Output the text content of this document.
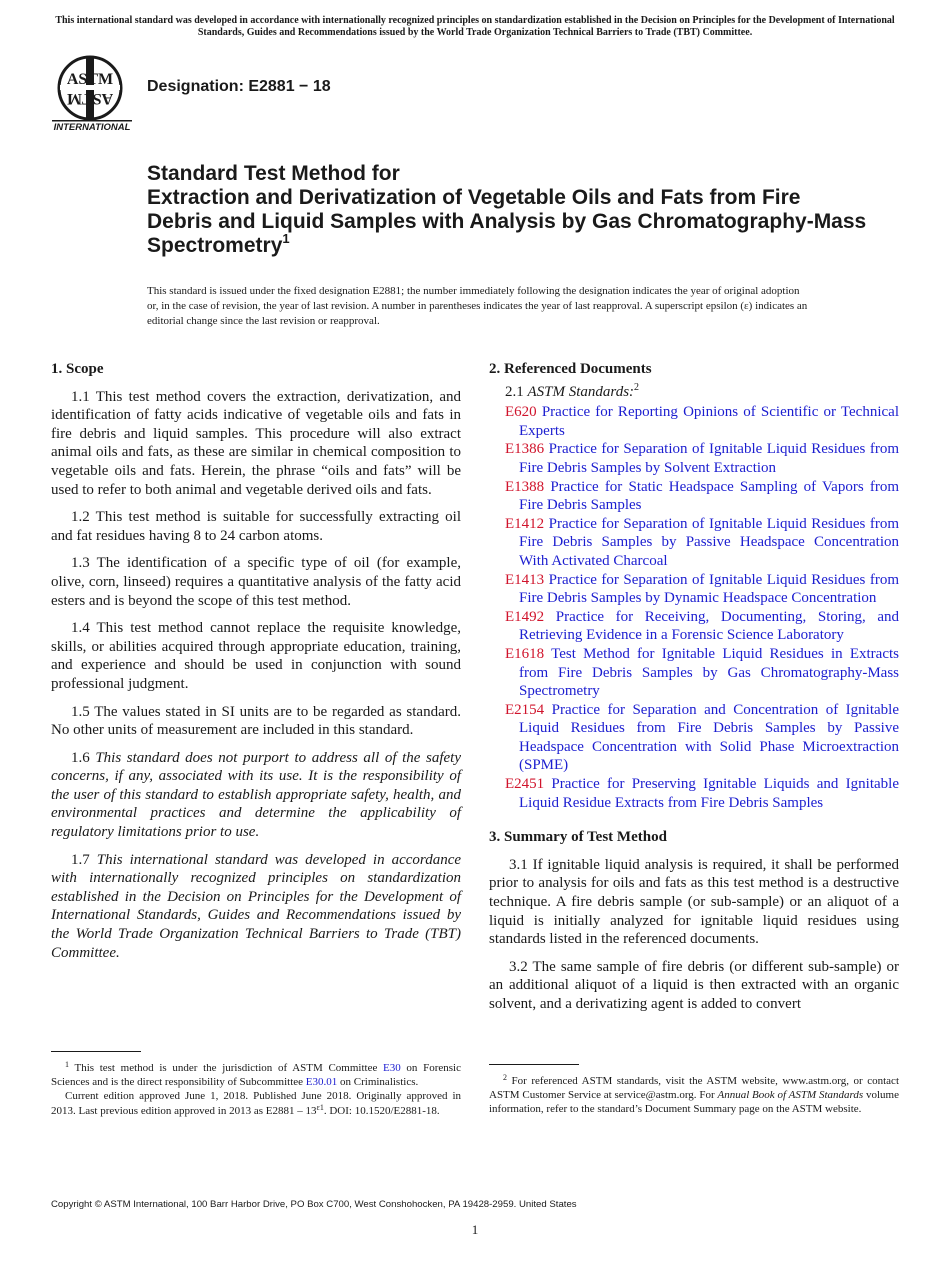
This international standard was developed in accordance with internationally recognized principles on standardization established in the Decision on Principles for the Development of International Standards, Guides and Recommendations issued by the World Trade Organization Technical Barriers to Trade (TBT) Committee.
ASTM
ASTM
INTERNATIONAL
Designation: E2881 − 18
Standard Test Method for
Extraction and Derivatization of Vegetable Oils and Fats from Fire Debris and Liquid Samples with Analysis by Gas Chromatography-Mass Spectrometry$^1$
This standard is issued under the fixed designation E2881; the number immediately following the designation indicates the year of original adoption or, in the case of revision, the year of last revision. A number in parentheses indicates the year of last reapproval. A superscript epsilon (ε) indicates an editorial change since the last revision or reapproval.
1. Scope

1.1 This test method covers the extraction, derivatization, and identification of fatty acids indicative of vegetable oils and fats in fire debris and liquid samples. This procedure will also extract animal oils and fats, as these are similar in chemical composition to vegetable oils and fats. Herein, the phrase “oils and fats” will be used to refer to both animal and vegetable derived oils and fats.

1.2 This test method is suitable for successfully extracting oil and fat residues having 8 to 24 carbon atoms.

1.3 The identification of a specific type of oil (for example, olive, corn, linseed) requires a quantitative analysis of the fatty acid esters and is beyond the scope of this test method.

1.4 This test method cannot replace the requisite knowledge, skills, or abilities acquired through appropriate education, training, and experience and should be used in conjunction with sound professional judgment.

1.5 The values stated in SI units are to be regarded as standard. No other units of measurement are included in this standard.

1.6 This standard does not purport to address all of the safety concerns, if any, associated with its use. It is the responsibility of the user of this standard to establish appropriate safety, health, and environmental practices and determine the applicability of regulatory limitations prior to use.

1.7 This international standard was developed in accordance with internationally recognized principles on standardization established in the Decision on Principles for the Development of International Standards, Guides and Recommendations issued by the World Trade Organization Technical Barriers to Trade (TBT) Committee.

2. Referenced Documents
2.1 ASTM Standards:$^2$
E620 Practice for Reporting Opinions of Scientific or Technical Experts
E1386 Practice for Separation of Ignitable Liquid Residues from Fire Debris Samples by Solvent Extraction
E1388 Practice for Static Headspace Sampling of Vapors from Fire Debris Samples
E1412 Practice for Separation of Ignitable Liquid Residues from Fire Debris Samples by Passive Headspace Concentration With Activated Charcoal
E1413 Practice for Separation of Ignitable Liquid Residues from Fire Debris Samples by Dynamic Headspace Concentration
E1492 Practice for Receiving, Documenting, Storing, and Retrieving Evidence in a Forensic Science Laboratory
E1618 Test Method for Ignitable Liquid Residues in Extracts from Fire Debris Samples by Gas Chromatography-Mass Spectrometry
E2154 Practice for Separation and Concentration of Ignitable Liquid Residues from Fire Debris Samples by Passive Headspace Concentration with Solid Phase Microextraction (SPME)
E2451 Practice for Preserving Ignitable Liquids and Ignitable Liquid Residue Extracts from Fire Debris Samples
3. Summary of Test Method

3.1 If ignitable liquid analysis is required, it shall be performed prior to analysis for oils and fats as this test method is a destructive technique. A fire debris sample (or sub-sample) or an aliquot of a liquid is initially analyzed for ignitable liquid residues using standards listed in the referenced documents.

3.2 The same sample of fire debris (or different sub-sample) or an additional aliquot of a liquid is then extracted with an organic solvent, and a derivatizing agent is added to convert

$^1$ This test method is under the jurisdiction of ASTM Committee E30 on Forensic Sciences and is the direct responsibility of Subcommittee E30.01 on Criminalistics.

Current edition approved June 1, 2018. Published June 2018. Originally approved in 2013. Last previous edition approved in 2013 as $E2881 - 13^{\varepsilon 1}$. DOI: 10.1520/E2881-18.

$^2$ For referenced ASTM standards, visit the ASTM website, www.astm.org, or contact ASTM Customer Service at service@astm.org. For Annual Book of ASTM Standards volume information, refer to the standard’s Document Summary page on the ASTM website.

Copyright © ASTM International, 100 Barr Harbor Drive, PO Box C700, West Conshohocken, PA 19428-2959. United States
1
